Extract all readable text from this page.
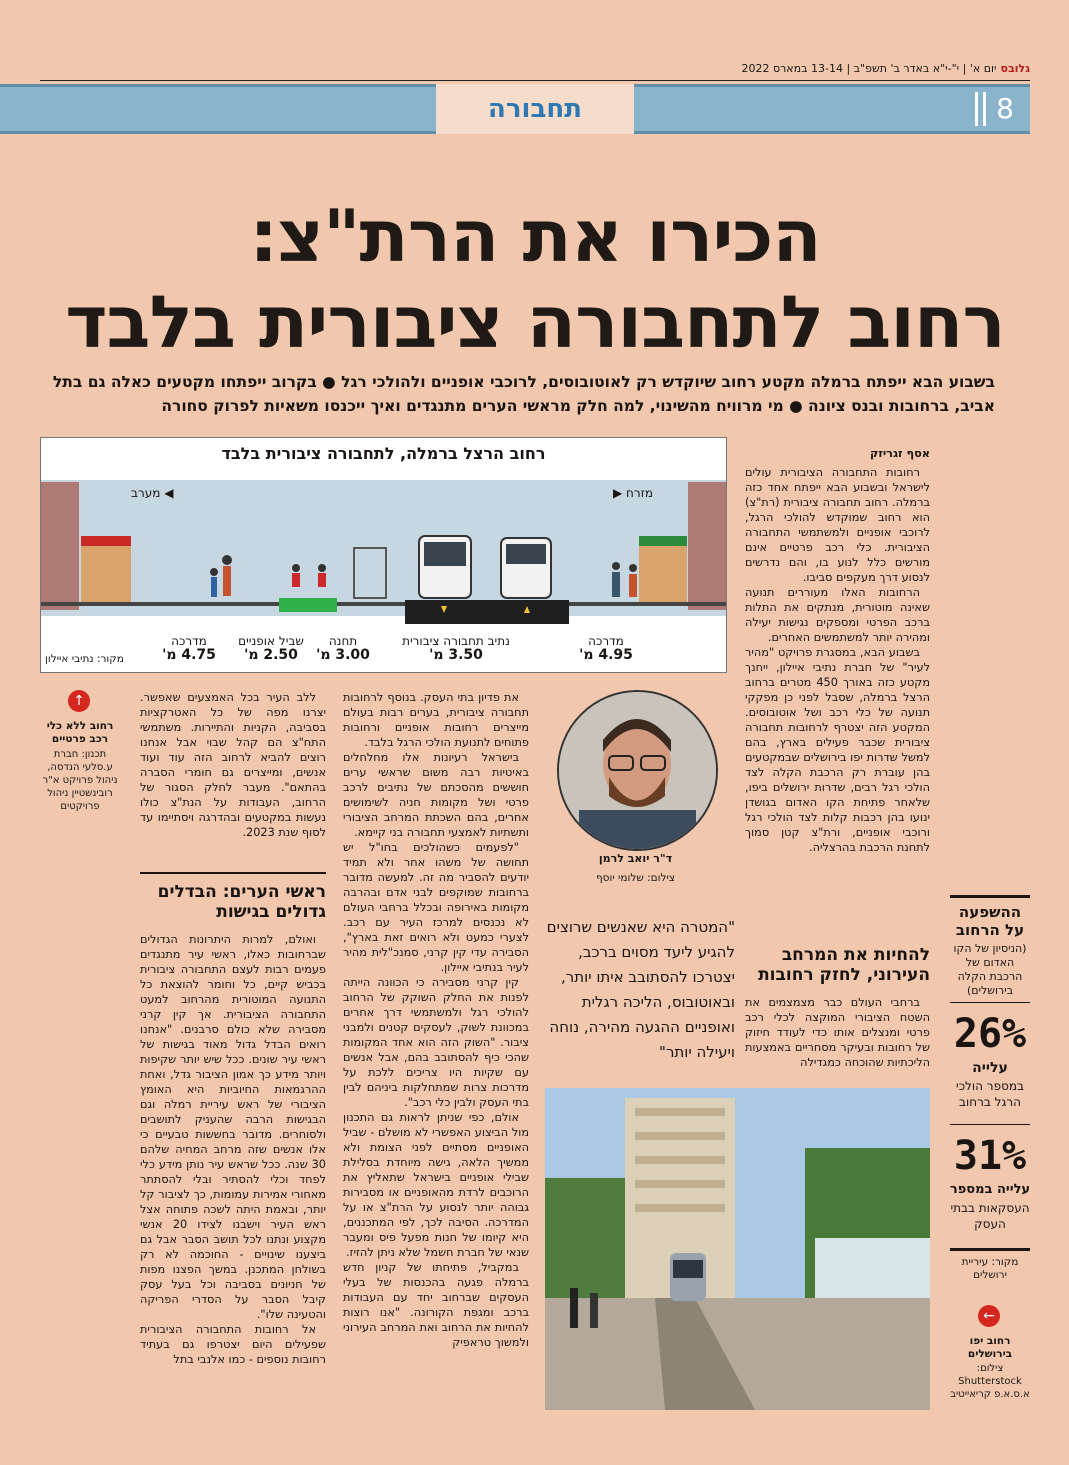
גלובסיום א' | י"-י"א באדר ב' תשפ"ב | 13-14 במארס 2022
תחבורה	8
הכירו את הרת"צ:
רחוב לתחבורה ציבורית בלבד
בשבוע הבא ייפתח ברמלה מקטע רחוב שיוקדש רק לאוטובוסים, לרוכבי אופניים ולהולכי רגל ● בקרוב ייפתחו מקטעים כאלה גם בתל אביב, ברחובות ובנס ציונה ● מי מרוויח מהשינוי, למה חלק מראשי הערים מתנגדים ואיך ייכנסו משאיות לפרוק סחורה
רחוב הרצל ברמלה, לתחבורה ציבורית בלבד
◀ מערב	מזרח ▶
מדרכה
4.95 מ'
נתיב תחבורה ציבורית
3.50 מ'
תחנה
3.00 מ'
שביל אופניים
2.50 מ'
מדרכה
4.75 מ'
מקור: נתיבי איילון
אסף זגריזק

רחובות התחבורה הציבורית עולים לישראל ובשבוע הבא ייפתח אחד כזה ברמלה. רחוב תחבורה ציבורית (רת"צ) הוא רחוב שמוקדש להולכי הרגל, לרוכבי אופניים ולמשתמשי התחבורה הציבורית. כלי רכב פרטיים אינם מורשים כלל לנוע בו, והם נדרשים לנסוע דרך מעקפים סביבו.

הרחובות האלו מעוררים תנועה שאינה מוטורית, מנתקים את התלות ברכב הפרטי ומספקים נגישות יעילה ומהירה יותר למשתמשים האחרים.

בשבוע הבא, במסגרת פרויקט "מהיר לעיר" של חברת נתיבי איילון, ייחנך מקטע כזה באורך 450 מטרים ברחוב הרצל ברמלה, שסבל לפני כן מפקקי תנועה של כלי רכב ושל אוטובוסים. המקטע הזה יצטרף לרחובות תחבורה ציבורית שכבר פעילים בארץ, בהם למשל שדרות יפו בירושלים שבמקטעים בהן עוברת רק הרכבת הקלה לצד הולכי רגל רבים, שדרות ירושלים ביפו, שלאחר פתיחת הקו האדום בגושדן ינועו בהן רכבות קלות לצד הולכי רגל ורוכבי אופניים, ורת"צ קטן סמוך לתחנת הרכבת בהרצליה.

להחיות את המרחב העירוני, לחזק רחובות

ברחבי העולם כבר מצמצמים את השטח הציבורי המוקצה לכלי רכב פרטי ומנצלים אותו כדי לעודד חיזוק של רחובות ובעיקר מסחריים באמצעות הליכתיות שהוכחה כמגדילה

ד"ר יואב לרמן
צילום: שלומי יוסף
"המטרה היא שאנשים שרוצים להגיע ליעד מסוים ברכב, יצטרכו להסתובב איתו יותר, ובאוטובוס, הליכה רגלית ואופניים ההגעה מהירה, נוחה ויעילה יותר"

את פדיון בתי העסק. בנוסף לרחובות תחבורה ציבורית, בערים רבות בעולם מייצרים רחובות אופניים ורחובות פתוחים לתנועת הולכי הרגל בלבד.

בישראל רעיונות אלו מחלחלים באיטיות רבה משום שראשי ערים חוששים מהסכתם של נתיבים לרכב פרטי ושל מקומות חניה לשימושים אחרים, בהם השכתת המרחב הציבורי ותשתיות לאמצעי תחבורה בני קיימא.

"לפעמים כשהולכים בחו"ל יש תחושה של משהו אחר ולא תמיד יודעים להסביר מה זה. למעשה מדובר ברחובות שמוקפים לבני אדם ובהרבה מקומות באירופה ובכלל ברחבי העולם לא נכנסים למרכז העיר עם רכב. לצערי כמעט ולא רואים זאת בארץ", הסבירה עדי קין קרני, סמנכ"לית מהיר לעיר בנתיבי איילון.

קין קרני מסבירה כי הכוונה הייתה לפנות את החלק השוקק של הרחוב להולכי רגל ולמשתמשי דרך אחרים במכוונת לשוק, לעסקים קטנים ולמבני ציבור. "השוק הזה הוא אחד המקומות שהכי כיף להסתובב בהם, אבל אנשים עם שקיות היו צריכים ללכת על מדרכות צרות שמתחלקות ביניהם לבין בתי העסק ולבין כלי רכב".

אולם, כפי שניתן לראות גם התכנון מול הביצוע האפשרי לא מושלם - שביל האופניים מסתיים לפני הצומת ולא ממשיך הלאה, גישה מיוחדת בסלילת שבילי אופניים בישראל שתאליץ את הרוכבים לרדת מהאופניים או מסבירות גבוהה יותר לנסוע על הרת"צ או על המדרכה. הסיבה לכך, לפי המתכננים, היא קיומו של חנות מפעל פיס ומעבר שנאי של חברת חשמל שלא ניתן להזיז.

במקביל, פתיחתו של קניון חדש ברמלה פגעה בהכנסות של בעלי העסקים שברחוב יחד עם העבודות ברכב ומגפת הקורונה. "אנו רוצות להחיות את הרחוב ואת המרחב העירוני ולמשוך טראפיק

ללב העיר בכל האמצעים שאפשר. יצרנו מפה של כל האטרקציות בסביבה, הקניות והתיירות. משתמשי התח"צ הם קהל שבוי אבל אנחנו רוצים להביא לרחוב הזה עוד ועוד אנשים, ומייצרים גם חומרי הסברה בהתאם". מעבר לחלק הסגור של הרחוב, העבודות על הנת"צ כולו נעשות במקטעים ובהדרגה ויסתיימו עד לסוף שנת 2023.

ראשי הערים: הבדלים גדולים בגישות

ואולם, למרות היתרונות הגדולים שברחובות כאלו, ראשי עיר מתנגדים פעמים רבות לעצם התחבורה ציבורית בכביש קיים, כל וחומר להוצאת כל התנועה המוטורית מהרחוב למעט התחבורה הציבורית. אך קין קרני מסבירה שלא כולם סרבנים. "אנחנו רואים הבדל גדול מאוד בגישות של ראשי עיר שונים. ככל שיש יותר שקיפות ויותר מידע כך אמון הציבור גדל, ואחת ההרגמאות החיוביות היא האומץ הציבורי של ראש עיריית רמלה וגם הבגישות הרבה שהעניק לתושבים ולסוחרים. מדובר בחששות טבעיים כי אלו אנשים שזה מרחב המחיה שלהם 30 שנה. ככל שראש עיר נותן מידע כלי לפחד וכלי להסתיר ובלי להסתתר מאחורי אמירות עמומות, כך לציבור קל יותר, ובאמת היתה לשכה פתוחה אצל ראש העיר וישבנו לצידו 20 אנשי מקצוע ונתנו לכל תושב הסבר אבל גם ביצענו שינויים - החוכמה לא רק בשולחן המתכנן. במשך הפצנו מפות של חניונים בסביבה וכל בעל עסק קיבל הסבר על הסדרי הפריקה והטעינה שלו".

אל רחובות התחבורה הציבורית שפעילים היום יצטרפו גם בעתיד רחובות נוספים - כמו אלנבי בתל

↑
רחוב ללא כלי רכב פרטיים
תכנון: חברת ע.סלעי הנדסה, ניהול פרויקט א"ר רובינשטיין ניהול פרויקטים
ההשפעה על הרחוב
(הניסיון של הקו האדום של הרכבת הקלה בירושלים)
26%
עלייה
במספר הולכי הרגל ברחוב
31%
עלייה במספר
העסקאות בבתי העסק
מקור: עיריית ירושלים
←
רחוב יפו בירושלים
צילום: Shutterstock א.ס.א.פ קריאייטיב
